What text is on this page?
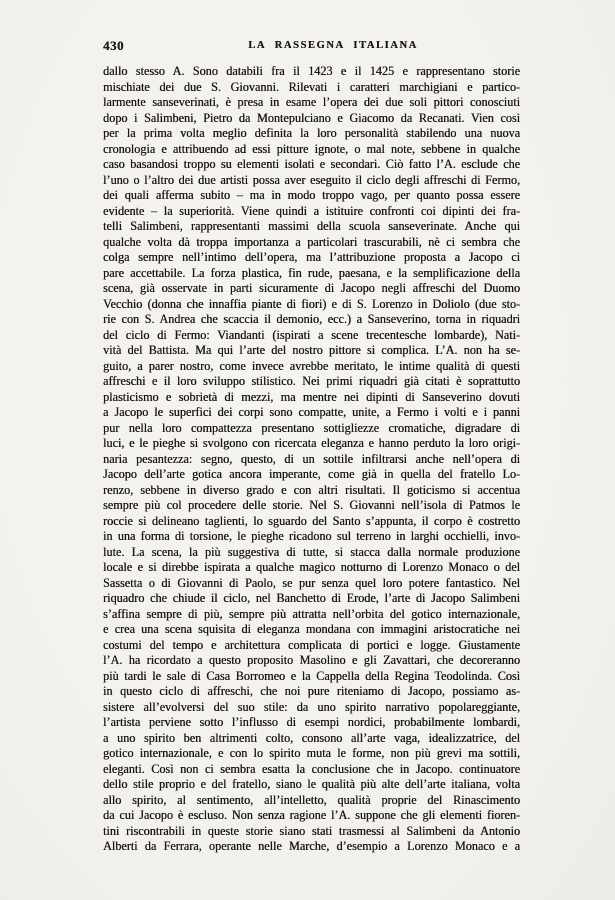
430	LA RASSEGNA ITALIANA
dallo stesso A. Sono databili fra il 1423 e il 1425 e rappresentano storie
mischiate dei due S. Giovanni. Rilevati i caratteri marchigiani e partico-
larmente sanseverinati, è presa in esame l’opera dei due soli pittori conosciuti
dopo i Salimbeni, Pietro da Montepulciano e Giacomo da Recanati. Vien così
per la prima volta meglio definita la loro personalità stabilendo una nuova
cronologia e attribuendo ad essi pitture ignote, o mal note, sebbene in qualche
caso basandosi troppo su elementi isolati e secondari. Ciò fatto l’A. esclude che
l’uno o l’altro dei due artisti possa aver eseguito il ciclo degli affreschi di Fermo,
dei quali afferma subito – ma in modo troppo vago, per quanto possa essere
evidente – la superiorità. Viene quindi a istituire confronti coi dipinti dei fra-
telli Salimbeni, rappresentanti massimi della scuola sanseverinate. Anche qui
qualche volta dà troppa importanza a particolari trascurabili, nè ci sembra che
colga sempre nell’intimo dell’opera, ma l’attribuzione proposta a Jacopo ci
pare accettabile. La forza plastica, fin rude, paesana, e la semplificazione della
scena, già osservate in parti sicuramente di Jacopo negli affreschi del Duomo
Vecchio (donna che innaffia piante di fiori) e di S. Lorenzo in Doliolo (due sto-
rie con S. Andrea che scaccia il demonio, ecc.) a Sanseverino, torna in riquadri
del ciclo di Fermo: Viandanti (ispirati a scene trecentesche lombarde), Nati-
vità del Battista. Ma qui l’arte del nostro pittore si complica. L’A. non ha se-
guito, a parer nostro, come invece avrebbe meritato, le intime qualità di questi
affreschi e il loro sviluppo stilistico. Nei primi riquadri già citati è soprattutto
plasticismo e sobrietà di mezzi, ma mentre nei dipinti di Sanseverino dovuti
a Jacopo le superfici dei corpi sono compatte, unite, a Fermo i volti e i panni
pur nella loro compattezza presentano sottigliezze cromatiche, digradare di
luci, e le pieghe si svolgono con ricercata eleganza e hanno perduto la loro origi-
naria pesantezza: segno, questo, di un sottile infiltrarsi anche nell’opera di
Jacopo dell’arte gotica ancora imperante, come già in quella del fratello Lo-
renzo, sebbene in diverso grado e con altri risultati. Il goticismo si accentua
sempre più col procedere delle storie. Nel S. Giovanni nell’isola di Patmos le
roccie si delineano taglienti, lo sguardo del Santo s’appunta, il corpo è costretto
in una forma di torsione, le pieghe ricadono sul terreno in larghi occhielli, invo-
lute. La scena, la più suggestiva di tutte, si stacca dalla normale produzione
locale e si direbbe ispirata a qualche magico notturno di Lorenzo Monaco o del
Sassetta o di Giovanni di Paolo, se pur senza quel loro potere fantastico. Nel
riquadro che chiude il ciclo, nel Banchetto di Erode, l’arte di Jacopo Salimbeni
s’affina sempre di più, sempre più attratta nell’orbita del gotico internazionale,
e crea una scena squisita di eleganza mondana con immagini aristocratiche nei
costumi del tempo e architettura complicata di portici e logge. Giustamente
l’A. ha ricordato a questo proposito Masolino e gli Zavattari, che decoreranno
più tardi le sale di Casa Borromeo e la Cappella della Regina Teodolinda. Così
in questo ciclo di affreschi, che noi pure riteniamo di Jacopo, possiamo as-
sistere all’evolversi del suo stile: da uno spirito narrativo popolareggiante,
l’artista perviene sotto l’influsso di esempi nordici, probabilmente lombardi,
a uno spirito ben altrimenti colto, consono all’arte vaga, idealizzatrice, del
gotico internazionale, e con lo spirito muta le forme, non più grevi ma sottili,
eleganti. Così non ci sembra esatta la conclusione che in Jacopo. continuatore
dello stile proprio e del fratello, siano le qualità più alte dell’arte italiana, volta
allo spirito, al sentimento, all’intelletto, qualità proprie del Rinascimento
da cui Jacopo è escluso. Non senza ragione l’A. suppone che gli elementi fioren-
tini riscontrabili in queste storie siano stati trasmessi al Salimbeni da Antonio
Alberti da Ferrara, operante nelle Marche, d’esempio a Lorenzo Monaco e a
